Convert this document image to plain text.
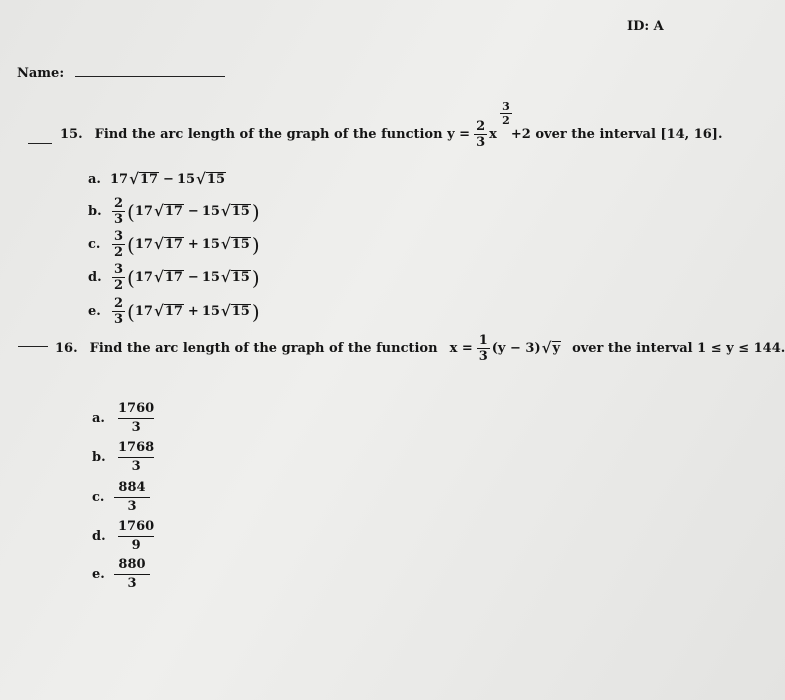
ID: A
Name:
15. Find the arc length of the graph of the function $y = \frac{2}{3}$ x
$\frac{3}{2}$
+2 over the interval [14, 16].
a. 17 √ 17 − 15 √ 15
b. $\frac{2}{3}$ ( 17 √ 17 − 15 √ 15 )
c. $\frac{3}{2}$ ( 17 √ 17 + 15 √ 15 )
d. $\frac{3}{2}$ ( 17 √ 17 − 15 √ 15 )
e. $\frac{2}{3}$ ( 17 √ 17 + 15 √ 15 )
16. Find the arc length of the graph of the function $x = \frac{1}{3} (y - 3)$ √ y over the interval 1 ≤ y ≤ 144.
a. $\frac{1760}{3}$
b. $\frac{1768}{3}$
c. $\frac{884}{3}$
d. $\frac{1760}{9}$
e. $\frac{880}{3}$
